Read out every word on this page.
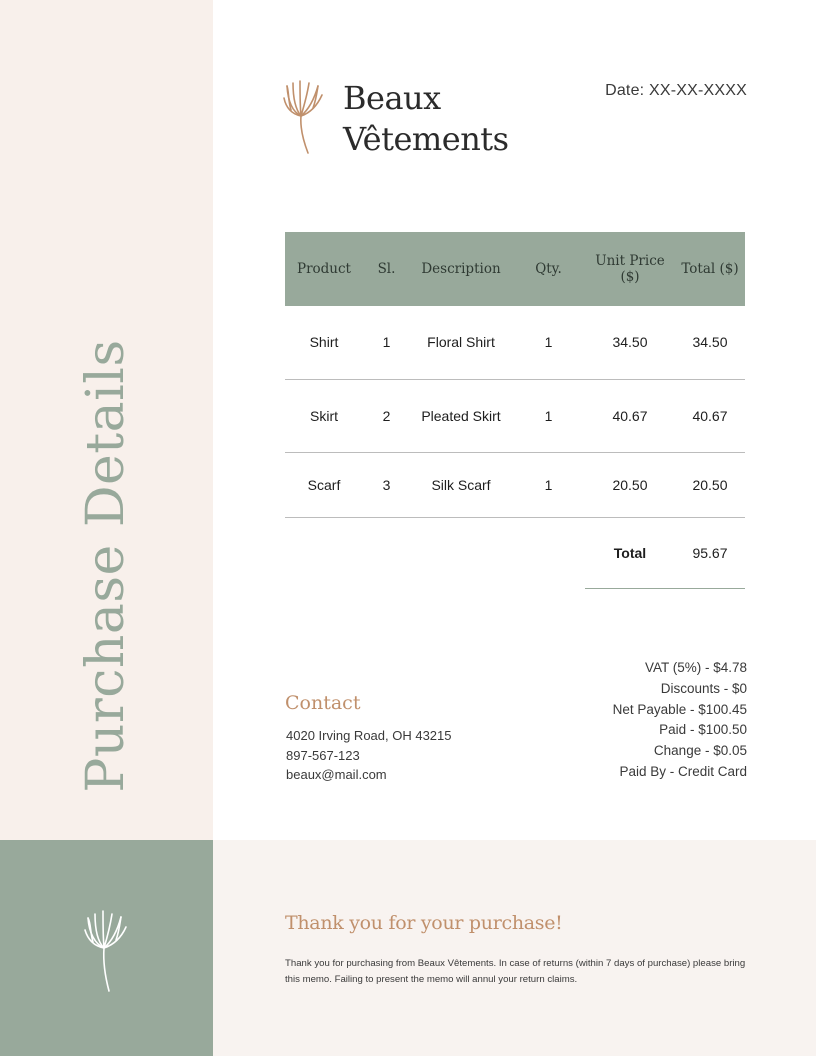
Purchase Details
Beaux
Vêtements
Date: XX-XX-XXXX
Product	Sl.	Description	Qty.	Unit Price ($)	Total ($)
Shirt	1	Floral Shirt	1	34.50	34.50
Skirt	2	Pleated Skirt	1	40.67	40.67
Scarf	3	Silk Scarf	1	20.50	20.50
				Total	95.67
VAT (5%) - $4.78
Discounts - $0
Net Payable - $100.45
Paid - $100.50
Change - $0.05
Paid By - Credit Card
Contact
4020 Irving Road, OH 43215
897-567-123
beaux@mail.com
Thank you for your purchase!
Thank you for purchasing from Beaux Vêtements. In case of returns (within 7 days of purchase) please bring this memo. Failing to present the memo will annul your return claims.
